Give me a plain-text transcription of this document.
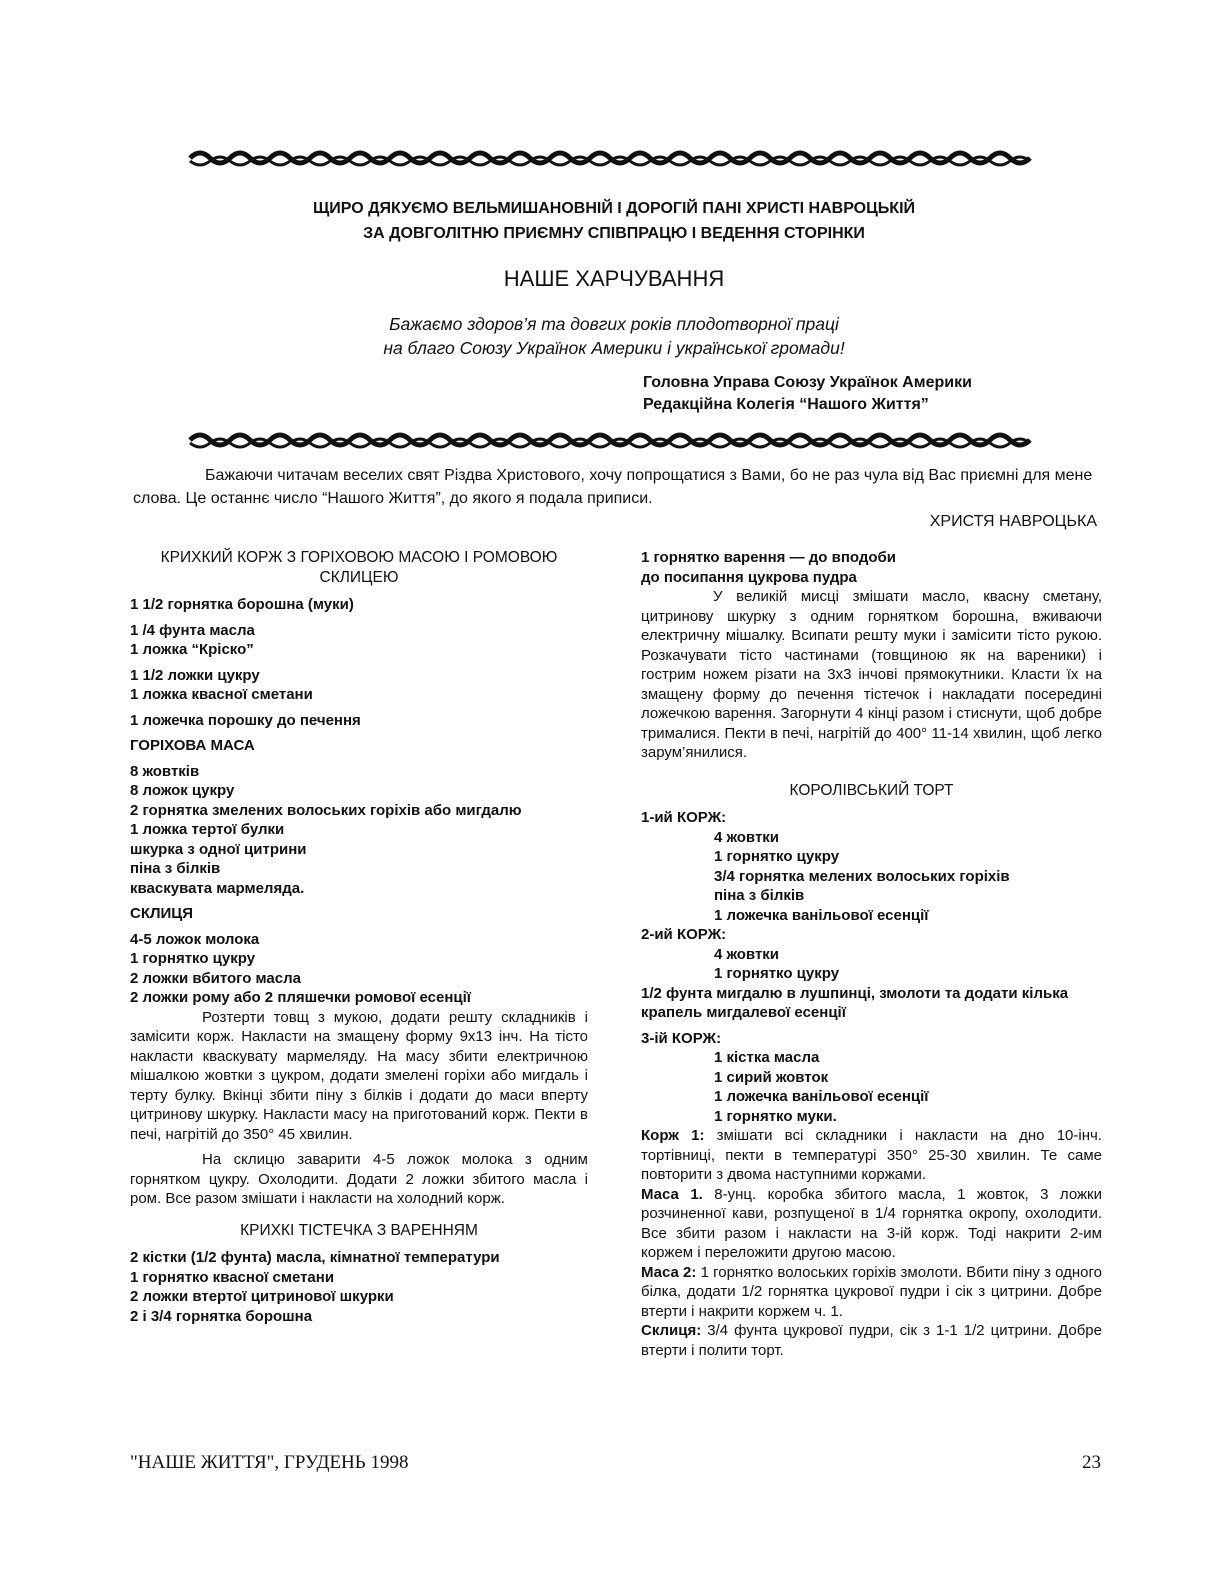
ЩИРО ДЯКУЄМО ВЕЛЬМИШАНОВНІЙ І ДОРОГІЙ ПАНІ ХРИСТІ НАВРОЦЬКІЙ
ЗА ДОВГОЛІТНЮ ПРИЄМНУ СПІВПРАЦЮ І ВЕДЕННЯ СТОРІНКИ
НАШЕ ХАРЧУВАННЯ
Бажаємо здоров’я та довгих років плодотворної праці
на благо Союзу Українок Америки і української громади!
Головна Управа Союзу Українок Америки
Редакційна Колегія “Нашого Життя”

Бажаючи читачам веселих свят Різдва Христового, хочу попрощатися з Вами, бо не раз чула від Вас приємні для мене слова. Це останнє число “Нашого Життя”, до якого я подала приписи.

ХРИСТЯ НАВРОЦЬКА
КРИХКИЙ КОРЖ З ГОРІХОВОЮ МАСОЮ І РОМОВОЮ СКЛИЦЕЮ
1 1/2 горнятка борошна (муки)
1 /4 фунта масла
1 ложка “Кріско”
1 1/2 ложки цукру
1 ложка квасної сметани
1 ложечка порошку до печення
ГОРІХОВА МАСА
8 жовтків
8 ложок цукру
2 горнятка змелених волоських горіхів або мигдалю
1 ложка тертої булки
шкурка з одної цитрини
піна з білків
кваскувата мармеляда.
СКЛИЦЯ
4-5 ложок молока
1 горнятко цукру
2 ложки вбитого масла
2 ложки рому або 2 пляшечки ромової есенції

Розтерти товщ з мукою, додати решту складників і замісити корж. Накласти на змащену форму 9x13 інч. На тісто накласти кваскувату мармеляду. На масу збити електричною мішалкою жовтки з цукром, додати змелені горіхи або мигдаль і терту булку. Вкінці збити піну з білків і додати до маси вперту цитринову шкурку. Накласти масу на приготований корж. Пекти в печі, нагрітій до 350° 45 хвилин.

На склицю заварити 4-5 ложок молока з одним горнятком цукру. Охолодити. Додати 2 ложки збитого масла і ром. Все разом змішати і накласти на холодний корж.

КРИХКІ ТІСТЕЧКА З ВАРЕННЯМ
2 кістки (1/2 фунта) масла, кімнатної температури
1 горнятко квасної сметани
2 ложки втертої цитринової шкурки
2 і 3/4 горнятка борошна
1 горнятко варення — до вподоби
до посипання цукрова пудра

У великій мисці змішати масло, квасну сметану, цитринову шкурку з одним горнятком борошна, вживаючи електричну мішалку. Всипати решту муки і замісити тісто рукою. Розкачувати тісто частинами (товщиною як на вареники) і гострим ножем різати на 3x3 інчові прямокутники. Класти їх на змащену форму до печення тістечок і накладати посередині ложечкою варення. Загорнути 4 кінці разом і стиснути, щоб добре трималися. Пекти в печі, нагрітій до 400° 11-14 хвилин, щоб легко зарум’янилися.

КОРОЛІВСЬКИЙ ТОРТ
1-ий КОРЖ:
4 жовтки
1 горнятко цукру
3/4 горнятка мелених волоських горіхів
піна з білків
1 ложечка ванільової есенції
2-ий КОРЖ:
4 жовтки
1 горнятко цукру
1/2 фунта мигдалю в лушпинці, змолоти та додати кілька крапель мигдалевої есенції
3-ій КОРЖ:
1 кістка масла
1 сирий жовток
1 ложечка ванільової есенції
1 горнятко муки.

Корж 1: змішати всі складники і накласти на дно 10-інч. тортівниці, пекти в температурі 350° 25-30 хвилин. Те саме повторити з двома наступними коржами.

Маса 1. 8-унц. коробка збитого масла, 1 жовток, 3 ложки розчиненної кави, розпущеної в 1/4 горнятка окропу, охолодити. Все збити разом і накласти на 3-ій корж. Тоді накрити 2-им коржем і переложити другою масою.

Маса 2: 1 горнятко волоських горіхів змолоти. Вбити піну з одного білка, додати 1/2 горнятка цукрової пудри і сік з цитрини. Добре втерти і накрити коржем ч. 1.

Склиця: 3/4 фунта цукрової пудри, сік з 1-1 1/2 цитрини. Добре втерти і полити торт.

"НАШЕ ЖИТТЯ", ГРУДЕНЬ 1998	23
